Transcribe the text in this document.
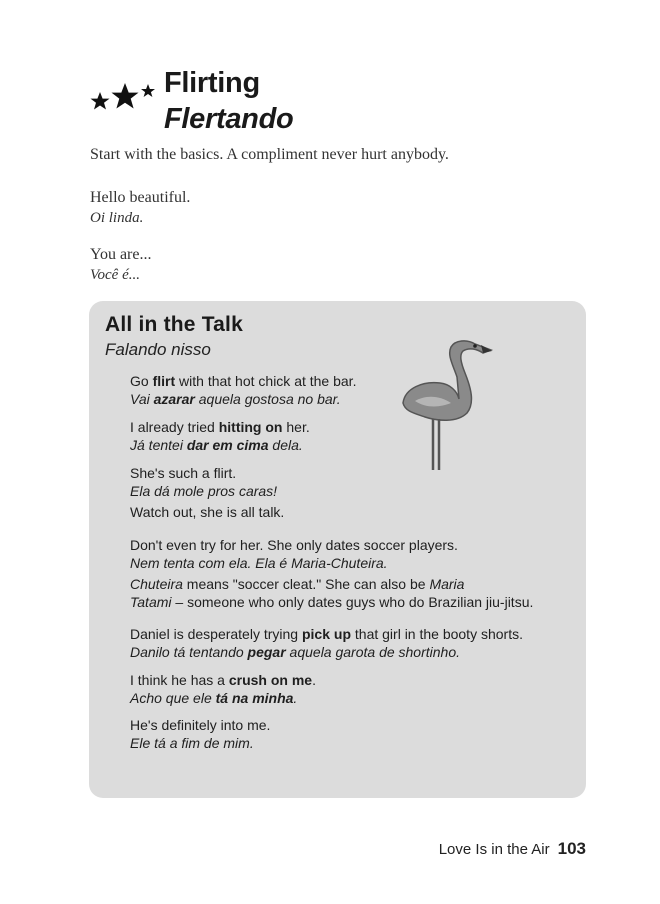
Flirting
Flertando

Start with the basics. A compliment never hurt anybody.

Hello beautiful.
Oi linda.

You are...
Você é...

All in the Talk

Falando nisso

Go flirt with that hot chick at the bar.
Vai azarar aquela gostosa no bar.

I already tried hitting on her.
Já tentei dar em cima dela.

She's such a flirt.
Ela dá mole pros caras!
Watch out, she is all talk.

Don't even try for her. She only dates soccer players.
Nem tenta com ela. Ela é Maria-Chuteira.
Chuteira means "soccer cleat." She can also be Maria
Tatami – someone who only dates guys who do Brazilian jiu-jitsu.

Daniel is desperately trying pick up that girl in the booty shorts.
Danilo tá tentando pegar aquela garota de shortinho.

I think he has a crush on me.
Acho que ele tá na minha.

He's definitely into me.
Ele tá a fim de mim.

Love Is in the Air 103
